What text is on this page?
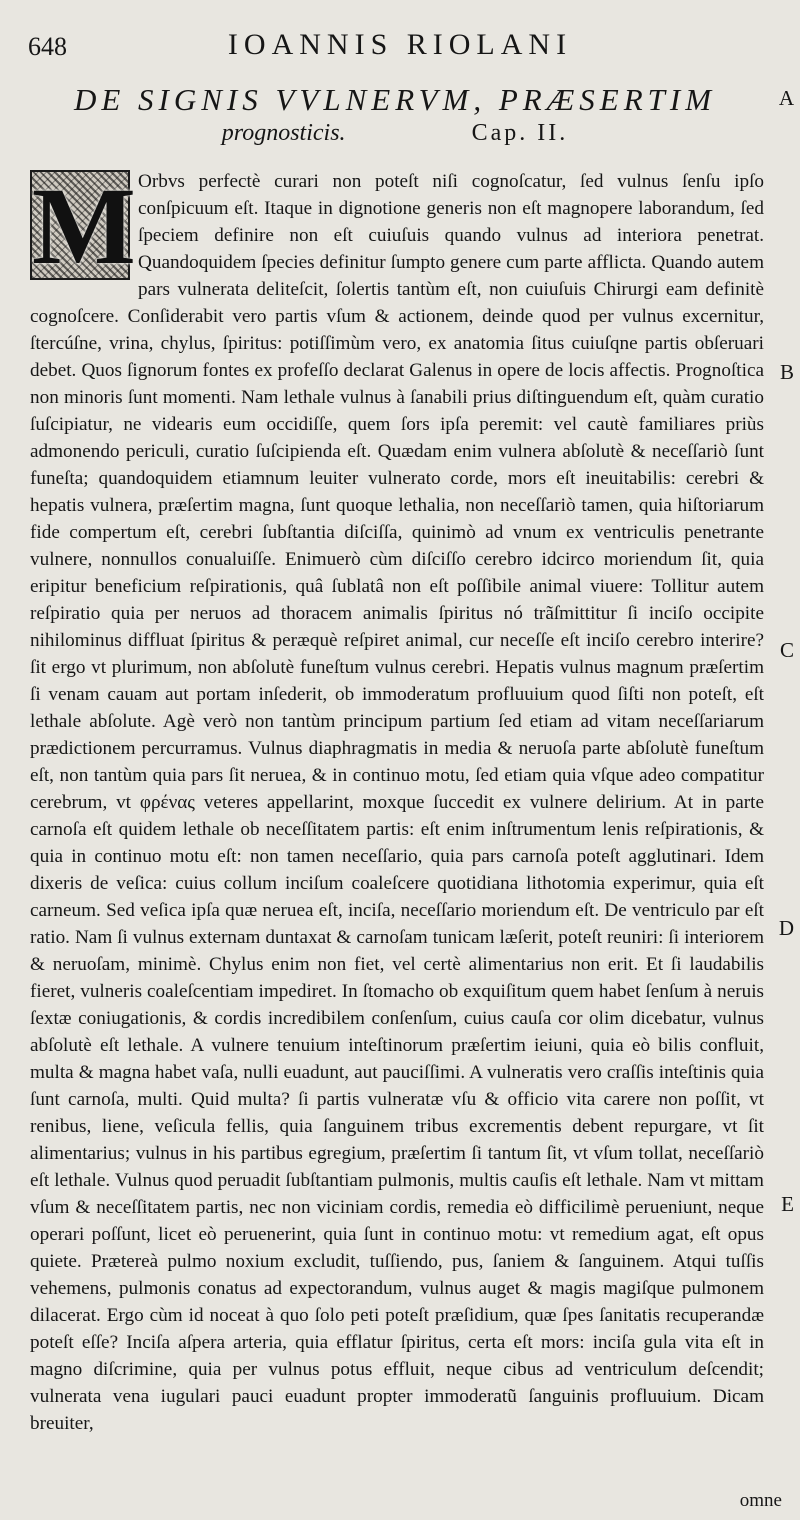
648	IOANNIS RIOLANI
DE SIGNIS VVLNERVM, PRÆSERTIM
prognosticis.	Cap. II.
A
B
C
D
E
M Orbvs perfectè curari non poteſt niſi cognoſcatur, ſed vulnus ſenſu ipſo conſpicuum eſt. Itaque in dignotione generis non eſt magnopere laborandum, ſed ſpeciem definire non eſt cuiuſuis quando vulnus ad interiora penetrat. Quandoquidem ſpecies definitur ſumpto genere cum parte afflicta. Quando autem pars vulnerata deliteſcit, ſolertis tantùm eſt, non cuiuſuis Chirurgi eam definitè cognoſcere. Conſiderabit vero partis vſum & actionem, deinde quod per vulnus excernitur, ſtercúſne, vrina, chylus, ſpiritus: potiſſimùm vero, ex anatomia ſitus cuiuſqne partis obſeruari debet. Quos ſignorum fontes ex profeſſo declarat Galenus in opere de locis affectis. Prognoſtica non minoris ſunt momenti. Nam lethale vulnus à ſanabili prius diſtinguendum eſt, quàm curatio ſuſcipiatur, ne videaris eum occidiſſe, quem ſors ipſa peremit: vel cautè familiares priùs admonendo periculi, curatio ſuſcipienda eſt. Quædam enim vulnera abſolutè & neceſſariò ſunt funeſta; quandoquidem etiamnum leuiter vulnerato corde, mors eſt ineuitabilis: cerebri & hepatis vulnera, præſertim magna, ſunt quoque lethalia, non neceſſariò tamen, quia hiſtoriarum fide compertum eſt, cerebri ſubſtantia diſciſſa, quinimò ad vnum ex ventriculis penetrante vulnere, nonnullos conualuiſſe. Enimuerò cùm diſciſſo cerebro idcirco moriendum ſit, quia eripitur beneficium reſpirationis, quâ ſublatâ non eſt poſſibile animal viuere: Tollitur autem reſpiratio quia per neruos ad thoracem animalis ſpiritus nó trãſmittitur ſi inciſo occipite nihilominus diffluat ſpiritus & peræquè reſpiret animal, cur neceſſe eſt inciſo cerebro interire? ſit ergo vt plurimum, non abſolutè funeſtum vulnus cerebri. Hepatis vulnus magnum præſertim ſi venam cauam aut portam inſederit, ob immoderatum profluuium quod ſiſti non poteſt, eſt lethale abſolute. Agè verò non tantùm principum partium ſed etiam ad vitam neceſſariarum prædictionem percurramus. Vulnus diaphragmatis in media & neruoſa parte abſolutè funeſtum eſt, non tantùm quia pars ſit neruea, & in continuo motu, ſed etiam quia vſque adeo compatitur cerebrum, vt φρένας veteres appellarint, moxque ſuccedit ex vulnere delirium. At in parte carnoſa eſt quidem lethale ob neceſſitatem partis: eſt enim inſtrumentum lenis reſpirationis, & quia in continuo motu eſt: non tamen neceſſario, quia pars carnoſa poteſt agglutinari. Idem dixeris de veſica: cuius collum inciſum coaleſcere quotidiana lithotomia experimur, quia eſt carneum. Sed veſica ipſa quæ neruea eſt, inciſa, neceſſario moriendum eſt. De ventriculo par eſt ratio. Nam ſi vulnus externam duntaxat & carnoſam tunicam læſerit, poteſt reuniri: ſi interiorem & neruoſam, minimè. Chylus enim non fiet, vel certè alimentarius non erit. Et ſi laudabilis fieret, vulneris coaleſcentiam impediret. In ſtomacho ob exquiſitum quem habet ſenſum à neruis ſextæ coniugationis, & cordis incredibilem conſenſum, cuius cauſa cor olim dicebatur, vulnus abſolutè eſt lethale. A vulnere tenuium inteſtinorum præſertim ieiuni, quia eò bilis confluit, multa & magna habet vaſa, nulli euadunt, aut pauciſſimi. A vulneratis vero craſſis inteſtinis quia ſunt carnoſa, multi. Quid multa? ſi partis vulneratæ vſu & officio vita carere non poſſit, vt renibus, liene, veſicula fellis, quia ſanguinem tribus excrementis debent repurgare, vt ſit alimentarius; vulnus in his partibus egregium, præſertim ſi tantum ſit, vt vſum tollat, neceſſariò eſt lethale. Vulnus quod peruadit ſubſtantiam pulmonis, multis cauſis eſt lethale. Nam vt mittam vſum & neceſſitatem partis, nec non viciniam cordis, remedia eò difficilimè perueniunt, neque operari poſſunt, licet eò peruenerint, quia ſunt in continuo motu: vt remedium agat, eſt opus quiete. Prætereà pulmo noxium excludit, tuſſiendo, pus, ſaniem & ſanguinem. Atqui tuſſis vehemens, pulmonis conatus ad expectorandum, vulnus auget & magis magiſque pulmonem dilacerat. Ergo cùm id noceat à quo ſolo peti poteſt præſidium, quæ ſpes ſanitatis recuperandæ poteſt eſſe? Inciſa aſpera arteria, quia efflatur ſpiritus, certa eſt mors: inciſa gula vita eſt in magno diſcrimine, quia per vulnus potus effluit, neque cibus ad ventriculum deſcendit; vulnerata vena iugulari pauci euadunt propter immoderatũ ſanguinis profluuium. Dicam breuiter,

omne
